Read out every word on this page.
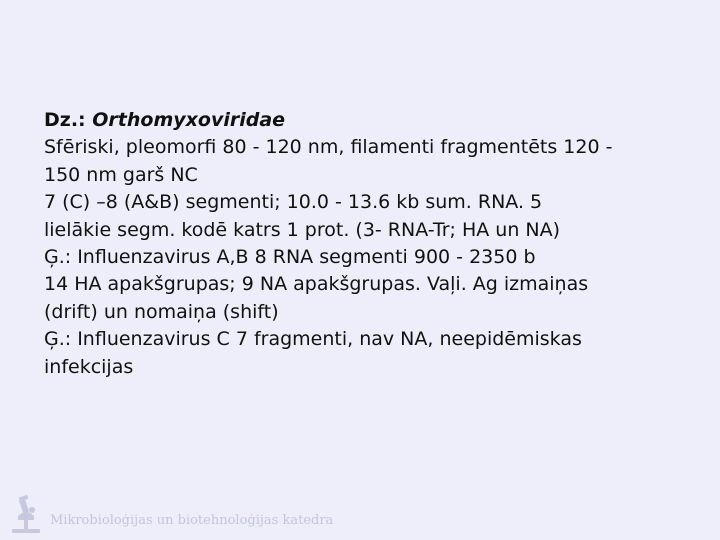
Dz.: Orthomyxoviridae
Sfēriski, pleomorfi 80 - 120 nm, filamenti fragmentēts 120 -
150 nm garš NC
7 (C) –8 (A&B) segmenti; 10.0 - 13.6 kb sum. RNA. 5
lielākie segm. kodē katrs 1 prot. (3- RNA-Tr; HA un NA)
Ģ.: Influenzavirus A,B 8 RNA segmenti 900 - 2350 b
14 HA apakšgrupas; 9 NA apakšgrupas. Vaļi. Ag izmaiņas
(drift) un nomaiņa (shift)
Ģ.: Influenzavirus C 7 fragmenti, nav NA, neepidēmiskas
infekcijas
Mikrobioloģijas un biotehnoloģijas katedra
